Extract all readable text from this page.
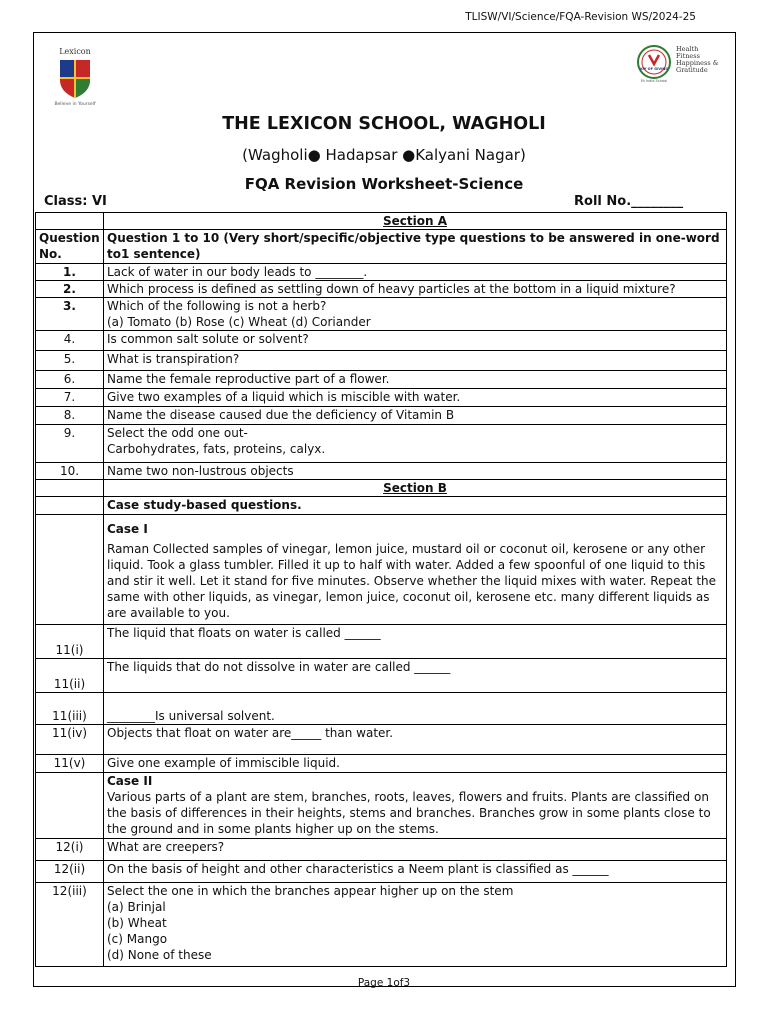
TLISW/VI/Science/FQA-Revision WS/2024-25
Lexicon
Believe in Yourself
JOY OF GIVING
Fit India School
Health
Fitness
Happiness &
Gratitude
THE LEXICON SCHOOL, WAGHOLI
(Wagholi● Hadapsar ●Kalyani Nagar)
FQA Revision Worksheet-Science
Class: VI	Roll No.________
	Section A
Question No.	Question 1 to 10 (Very short/specific/objective type questions to be answered in one-word to1 sentence)
1.	Lack of water in our body leads to ________.
2.	Which process is defined as settling down of heavy particles at the bottom in a liquid mixture?
3.	Which of the following is not a herb?
(a) Tomato (b) Rose (c) Wheat (d) Coriander

4.	Is common salt solute or solvent?
5.	What is transpiration?
6.	Name the female reproductive part of a flower.
7.	Give two examples of a liquid which is miscible with water.
8.	Name the disease caused due the deficiency of Vitamin B
9.	Select the odd one out-
Carbohydrates, fats, proteins, calyx.

10.	Name two non-lustrous objects
	Section B
	Case study-based questions.

	Case I
Raman Collected samples of vinegar, lemon juice, mustard oil or coconut oil, kerosene or any other liquid. Took a glass tumbler. Filled it up to half with water. Added a few spoonful of one liquid to this and stir it well. Let it stand for five minutes. Observe whether the liquid mixes with water. Repeat the same with other liquids, as vinegar, lemon juice, coconut oil, kerosene etc. many different liquids as are available to you.

11(i)	The liquid that floats on water is called ______
11(ii)	The liquids that do not dissolve in water are called ______
11(iii)	________Is universal solvent.
11(iv)	Objects that float on water are_____ than water.
11(v)	Give one example of immiscible liquid.

	Case II
Various parts of a plant are stem, branches, roots, leaves, flowers and fruits. Plants are classified on the basis of differences in their heights, stems and branches. Branches grow in some plants close to the ground and in some plants higher up on the stems.

12(i)	What are creepers?
12(ii)	On the basis of height and other characteristics a Neem plant is classified as ______
12(iii)	Select the one in which the branches appear higher up on the stem
(a) Brinjal
(b) Wheat
(c) Mango
(d) None of these
Page 1of3
